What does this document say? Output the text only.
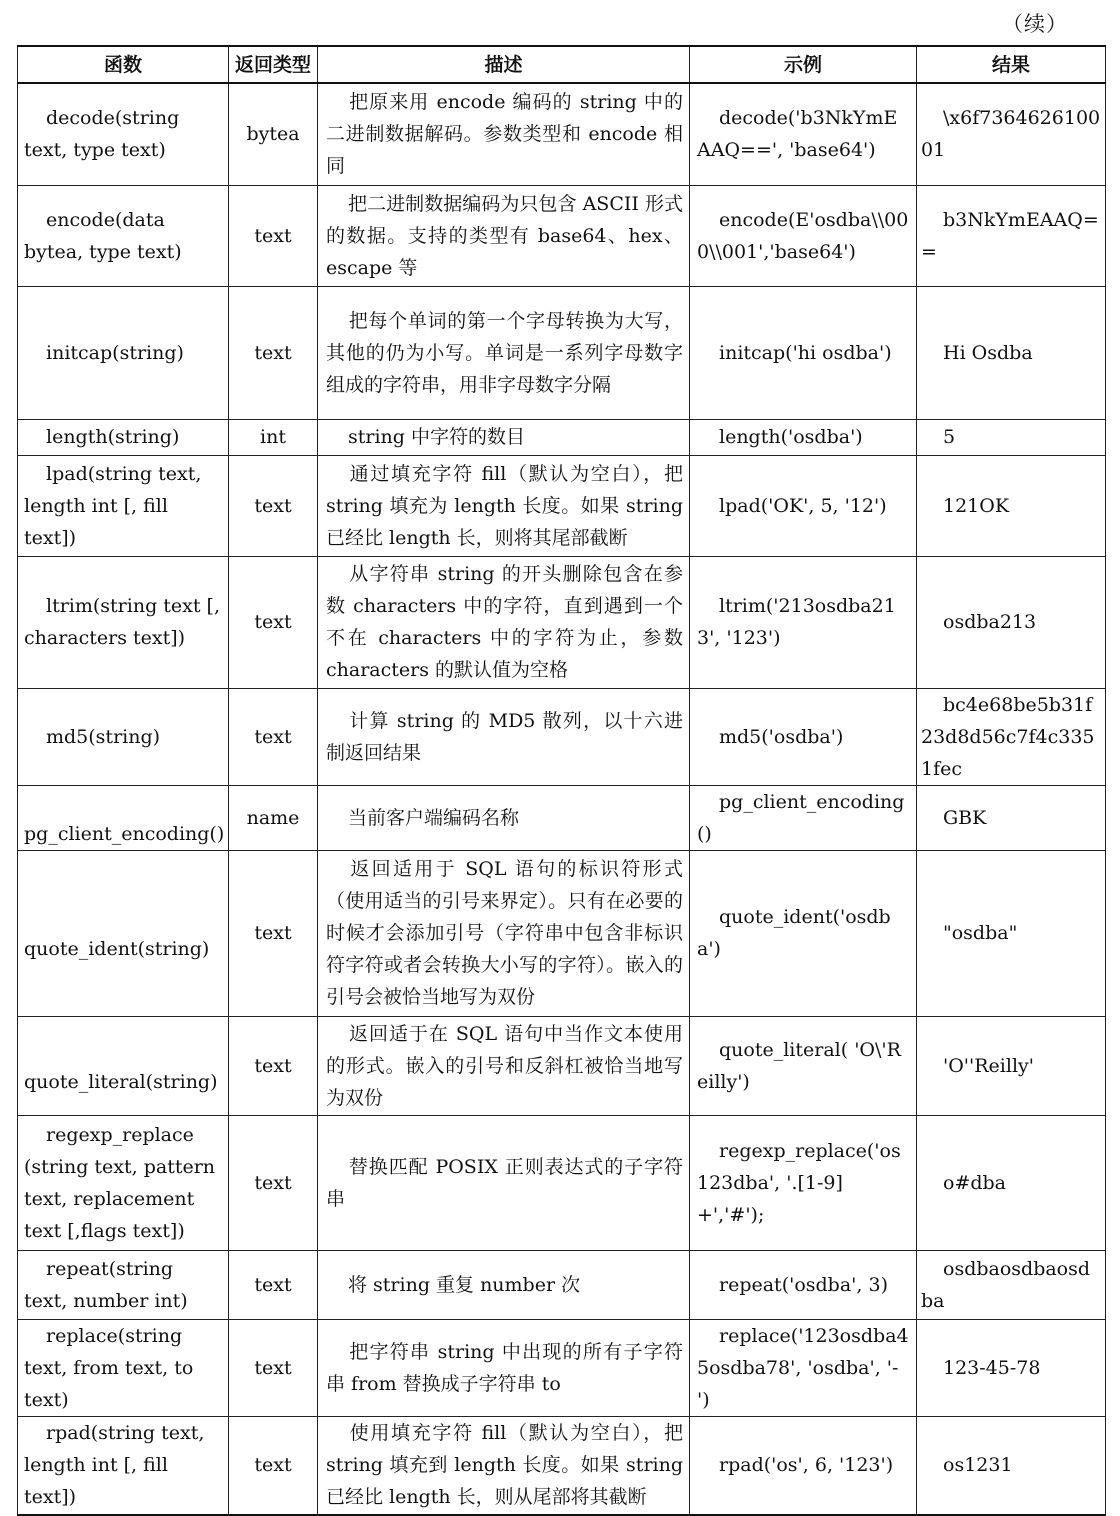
（续）
函数	返回类型	描述	示例	结果
decode(string text, type text)	bytea	把原来用 encode 编码的 string 中的二进制数据解码。参数类型和 encode 相同	decode('b3NkYmEAAQ==', 'base64')	\x6f736462610001
encode(data bytea, type text)	text	把二进制数据编码为只包含 ASCII 形式的数据。支持的类型有 base64、hex、escape 等	encode(E'osdba\\000\\001','base64')	b3NkYmEAAQ==
initcap(string)	text	把每个单词的第一个字母转换为大写，其他的仍为小写。单词是一系列字母数字组成的字符串，用非字母数字分隔	initcap('hi osdba')	Hi Osdba
length(string)	int	string 中字符的数目	length('osdba')	5
lpad(string text, length int [, fill text])	text	通过填充字符 fill（默认为空白），把 string 填充为 length 长度。如果 string 已经比 length 长，则将其尾部截断	lpad('OK', 5, '12')	121OK
ltrim(string text [, characters text])	text	从字符串 string 的开头删除包含在参数 characters 中的字符，直到遇到一个不在 characters 中的字符为止，参数 characters 的默认值为空格	ltrim('213osdba213', '123')	osdba213
md5(string)	text	计算 string 的 MD5 散列，以十六进制返回结果	md5('osdba')	bc4e68be5b31f23d8d56c7f4c3351fec
pg_client_encoding()	name	当前客户端编码名称	pg_client_encoding()	GBK
quote_ident(string)	text	返回适用于 SQL 语句的标识符形式（使用适当的引号来界定）。只有在必要的时候才会添加引号（字符串中包含非标识符字符或者会转换大小写的字符）。嵌入的引号会被恰当地写为双份	quote_ident('osdba')	"osdba"
quote_literal(string)	text	返回适于在 SQL 语句中当作文本使用的形式。嵌入的引号和反斜杠被恰当地写为双份	quote_literal( 'O\'Reilly')	'O''Reilly'
regexp_replace (string text, pattern text, replacement text [,flags text])	text	替换匹配 POSIX 正则表达式的子字符串	regexp_replace('os123dba', '.[1-9]+','#');	o#dba
repeat(string text, number int)	text	将 string 重复 number 次	repeat('osdba', 3)	osdbaosdbaosdba
replace(string text, from text, to text)	text	把字符串 string 中出现的所有子字符串 from 替换成子字符串 to	replace('123osdba45osdba78', 'osdba', '-')	123-45-78
rpad(string text, length int [, fill text])	text	使用填充字符 fill（默认为空白），把 string 填充到 length 长度。如果 string 已经比 length 长，则从尾部将其截断	rpad('os', 6, '123')	os1231
